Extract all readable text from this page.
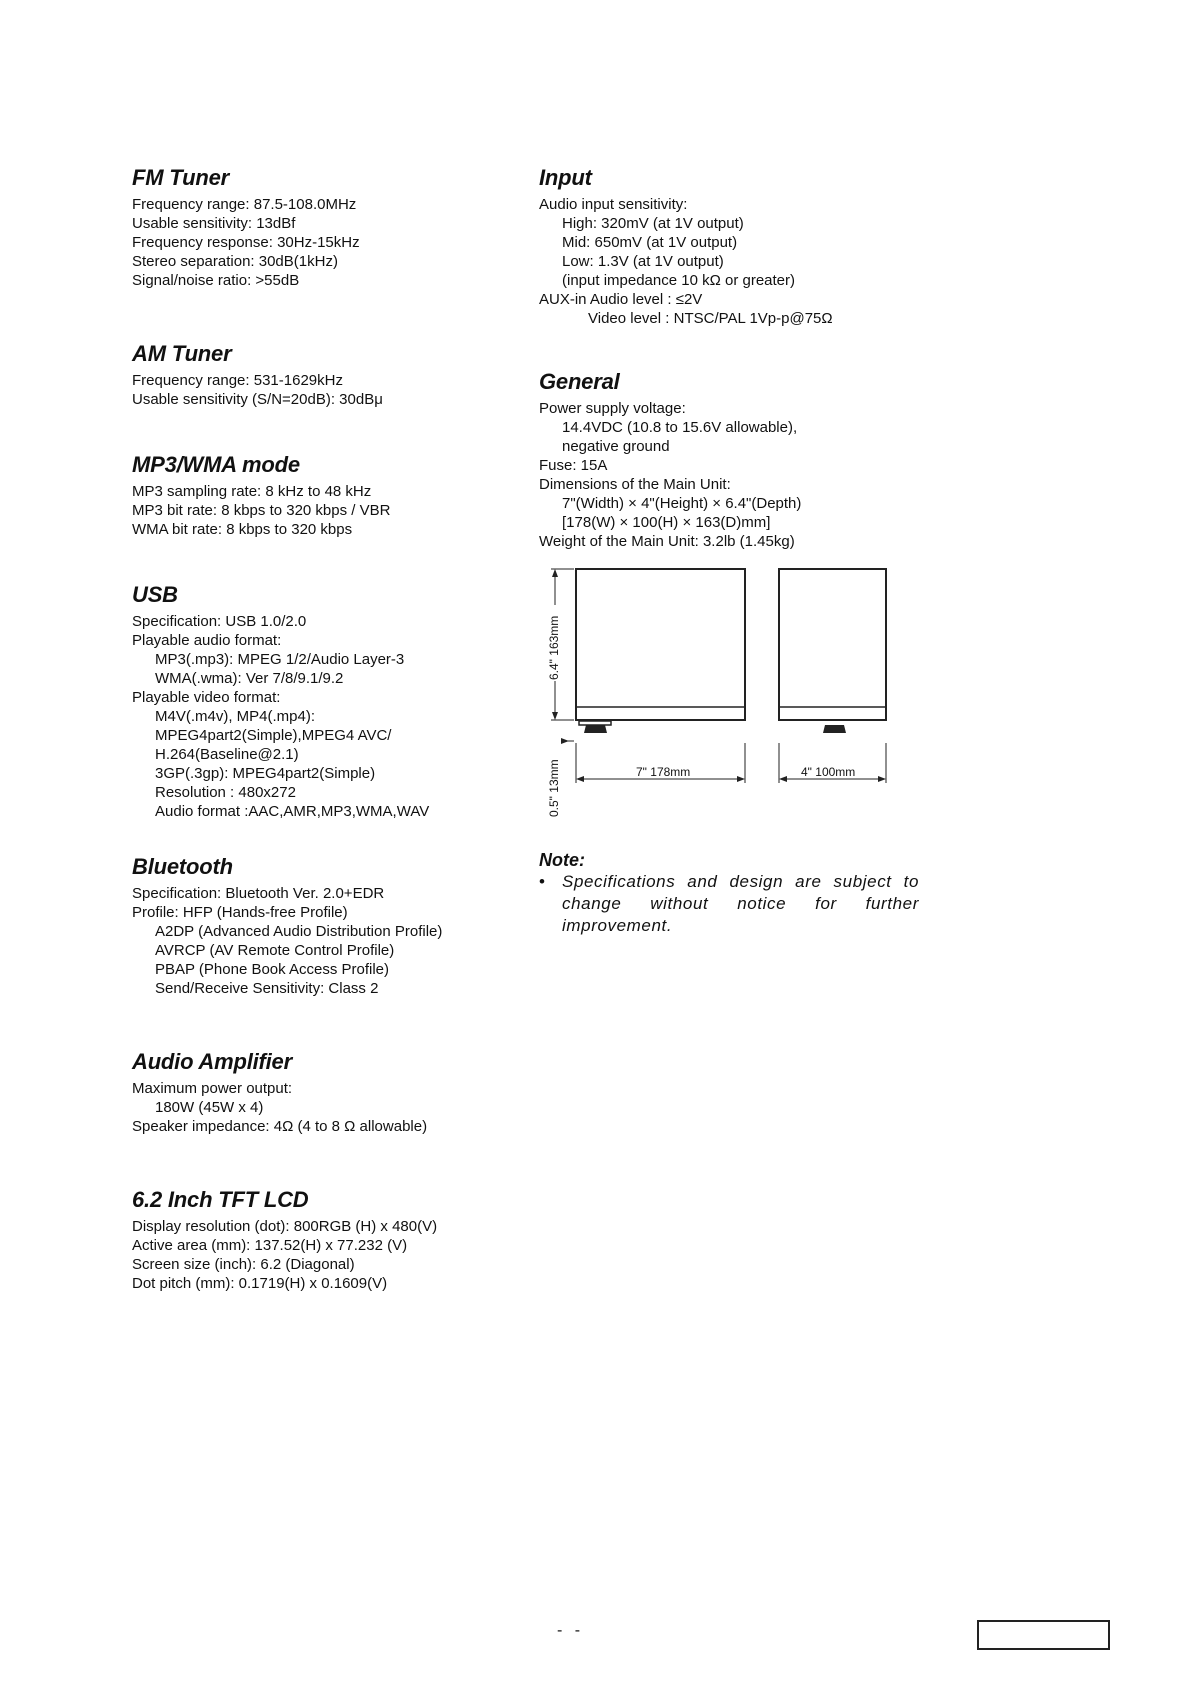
FM Tuner
Frequency range: 87.5-108.0MHz
Usable sensitivity: 13dBf
Frequency response: 30Hz-15kHz
Stereo separation: 30dB(1kHz)
Signal/noise ratio: >55dB
AM Tuner
Frequency range: 531-1629kHz
Usable sensitivity (S/N=20dB): 30dBμ
MP3/WMA mode
MP3 sampling rate: 8 kHz to 48 kHz
MP3 bit rate: 8 kbps to 320 kbps / VBR
WMA bit rate: 8 kbps to 320 kbps
USB
Specification: USB 1.0/2.0
Playable audio format:
MP3(.mp3): MPEG 1/2/Audio Layer-3
WMA(.wma): Ver 7/8/9.1/9.2
Playable video format:
M4V(.m4v), MP4(.mp4):
MPEG4part2(Simple),MPEG4 AVC/
H.264(Baseline@2.1)
3GP(.3gp): MPEG4part2(Simple)
Resolution : 480x272
Audio format :AAC,AMR,MP3,WMA,WAV
Bluetooth
Specification: Bluetooth Ver. 2.0+EDR
Profile: HFP (Hands-free Profile)
A2DP (Advanced Audio Distribution Profile)
AVRCP (AV Remote Control Profile)
PBAP (Phone Book Access Profile)
Send/Receive Sensitivity: Class 2
Audio Amplifier
Maximum power output:
180W (45W x 4)
Speaker impedance: 4Ω (4 to 8 Ω allowable)
6.2 Inch TFT LCD
Display resolution (dot): 800RGB (H) x 480(V)
Active area (mm): 137.52(H) x 77.232 (V)
Screen size (inch): 6.2 (Diagonal)
Dot pitch (mm): 0.1719(H) x 0.1609(V)
Input
Audio input sensitivity:
High: 320mV (at 1V output)
Mid: 650mV (at 1V output)
Low: 1.3V (at 1V output)
(input impedance 10 kΩ or greater)
AUX-in Audio level : ≤2V
Video level : NTSC/PAL 1Vp-p@75Ω
General
Power supply voltage:
14.4VDC (10.8 to 15.6V allowable),
negative ground
Fuse: 15A
Dimensions of the Main Unit:
7"(Width) × 4"(Height) × 6.4"(Depth)
[178(W) × 100(H) × 163(D)mm]
Weight of the Main Unit: 3.2lb (1.45kg)
6.4" 163mm
0.5" 13mm	7" 178mm	4" 100mm
Note:
•	Specifications and design are subject to change without notice for further improvement.
- -
